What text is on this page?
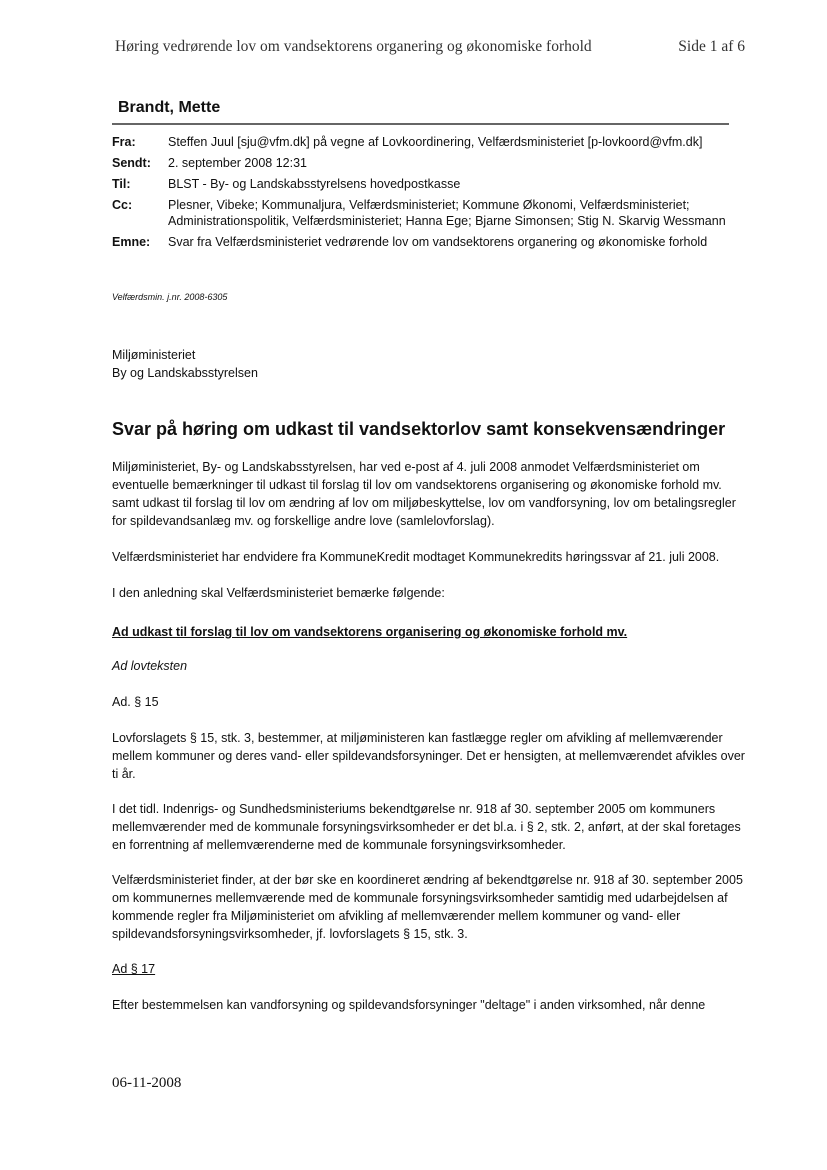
Høring vedrørende lov om vandsektorens organering og økonomiske forhold	Side 1 af 6
Brandt, Mette
Fra:	Steffen Juul [sju@vfm.dk] på vegne af Lovkoordinering, Velfærdsministeriet [p-lovkoord@vfm.dk]
Sendt:	2. september 2008 12:31
Til:	BLST - By- og Landskabsstyrelsens hovedpostkasse
Cc:	Plesner, Vibeke; Kommunaljura, Velfærdsministeriet; Kommune Økonomi, Velfærdsministeriet; Administrationspolitik, Velfærdsministeriet; Hanna Ege; Bjarne Simonsen; Stig N. Skarvig Wessmann
Emne:	Svar fra Velfærdsministeriet vedrørende lov om vandsektorens organering og økonomiske forhold
Velfærdsmin. j.nr. 2008-6305
Miljøministeriet
By og Landskabsstyrelsen
Svar på høring om udkast til vandsektorlov samt konsekvensændringer

Miljøministeriet, By- og Landskabsstyrelsen, har ved e-post af 4. juli 2008 anmodet Velfærdsministeriet om eventuelle bemærkninger til udkast til forslag til lov om vandsektorens organisering og økonomiske forhold mv. samt udkast til forslag til lov om ændring af lov om miljøbeskyttelse, lov om vandforsyning, lov om betalingsregler for spildevandsanlæg mv. og forskellige andre love (samlelovforslag).

Velfærdsministeriet har endvidere fra KommuneKredit modtaget Kommunekredits høringssvar af 21. juli 2008.

I den anledning skal Velfærdsministeriet bemærke følgende:

Ad udkast til forslag til lov om vandsektorens organisering og økonomiske forhold mv.

Ad lovteksten

Ad. § 15

Lovforslagets § 15, stk. 3, bestemmer, at miljøministeren kan fastlægge regler om afvikling af mellemværender mellem kommuner og deres vand- eller spildevandsforsyninger. Det er hensigten, at mellemværendet afvikles over ti år.

I det tidl. Indenrigs- og Sundhedsministeriums bekendtgørelse nr. 918 af 30. september 2005 om kommuners mellemværender med de kommunale forsyningsvirksomheder er det bl.a. i § 2, stk. 2, anført, at der skal foretages en forrentning af mellemværenderne med de kommunale forsyningsvirksomheder.

Velfærdsministeriet finder, at der bør ske en koordineret ændring af bekendtgørelse nr. 918 af 30. september 2005 om kommunernes mellemværende med de kommunale forsyningsvirksomheder samtidig med udarbejdelsen af kommende regler fra Miljøministeriet om afvikling af mellemværender mellem kommuner og vand- eller spildevandsforsyningsvirksomheder, jf. lovforslagets § 15, stk. 3.

Ad § 17

Efter bestemmelsen kan vandforsyning og spildevandsforsyninger "deltage" i anden virksomhed, når denne

06-11-2008
